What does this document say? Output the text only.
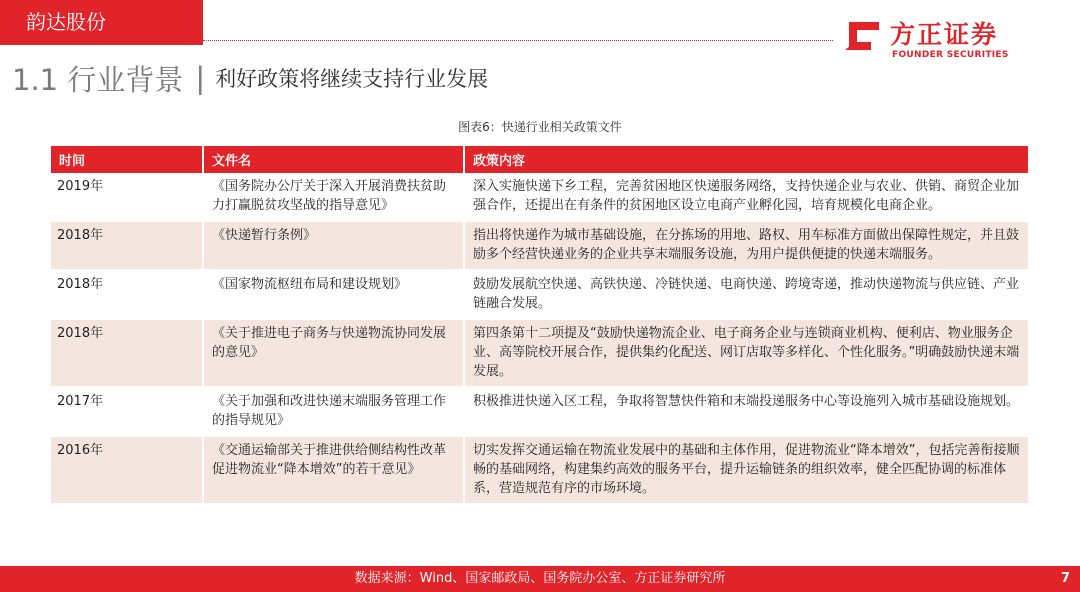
韵达股份	方正证券
FOUNDER SECURITIES
1.1 行业背景 | 利好政策将继续支持行业发展
图表6：快递行业相关政策文件
时间	文件名	政策内容
2019年	《国务院办公厅关于深入开展消费扶贫助力打赢脱贫攻坚战的指导意见》	深入实施快递下乡工程，完善贫困地区快递服务网络，支持快递企业与农业、供销、商贸企业加强合作，还提出在有条件的贫困地区设立电商产业孵化园，培育规模化电商企业。
2018年	《快递暂行条例》	指出将快递作为城市基础设施，在分拣场的用地、路权、用车标准方面做出保障性规定，并且鼓励多个经营快递业务的企业共享末端服务设施，为用户提供便捷的快递末端服务。
2018年	《国家物流枢纽布局和建设规划》	鼓励发展航空快递、高铁快递、冷链快递、电商快递、跨境寄递，推动快递物流与供应链、产业链融合发展。
2018年	《关于推进电子商务与快递物流协同发展的意见》	第四条第十二项提及“鼓励快递物流企业、电子商务企业与连锁商业机构、便利店、物业服务企业、高等院校开展合作，提供集约化配送、网订店取等多样化、个性化服务。”明确鼓励快递末端发展。
2017年	《关于加强和改进快递末端服务管理工作的指导规见》	积极推进快递入区工程，争取将智慧快件箱和末端投递服务中心等设施列入城市基础设施规划。
2016年	《交通运输部关于推进供给侧结构性改革 促进物流业“降本增效”的若干意见》	切实发挥交通运输在物流业发展中的基础和主体作用，促进物流业“降本增效”，包括完善衔接顺畅的基础网络，构建集约高效的服务平台，提升运输链条的组织效率，健全匹配协调的标准体系，营造规范有序的市场环境。
数据来源：Wind、国家邮政局、国务院办公室、方正证券研究所	7
